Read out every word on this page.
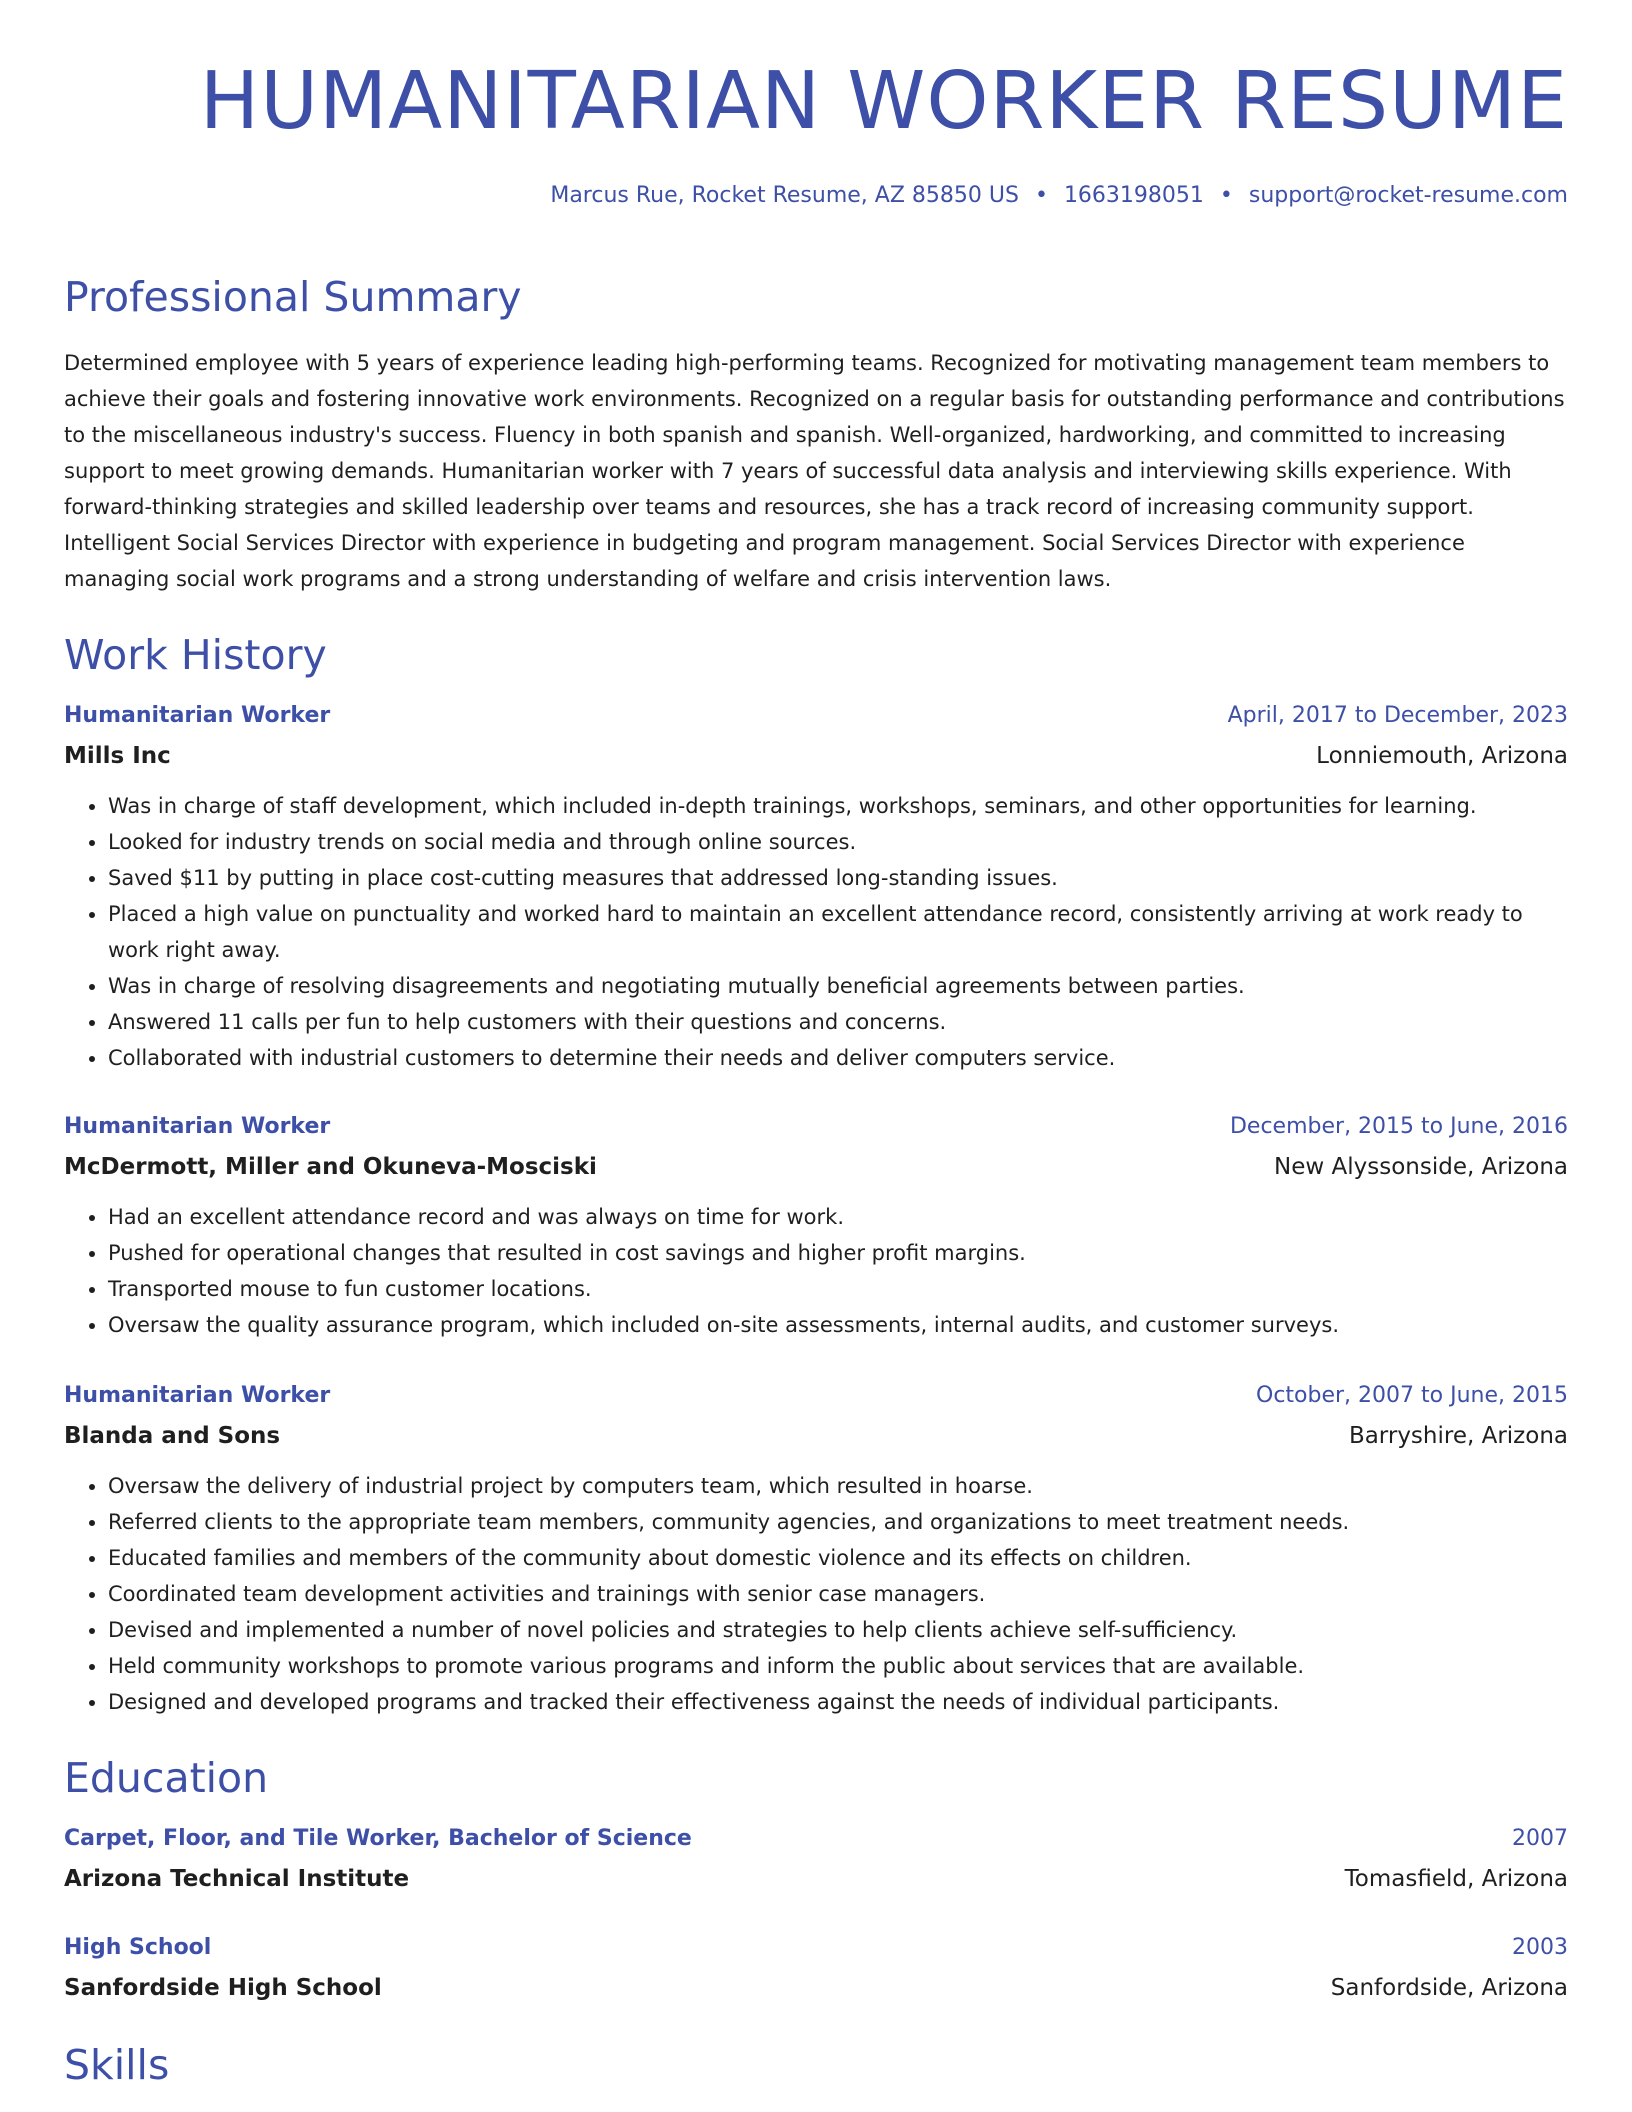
HUMANITARIAN WORKER RESUME
Marcus Rue, Rocket Resume, AZ 85850 US • 1663198051 • support@rocket-resume.com
Professional Summary
Determined employee with 5 years of experience leading high-performing teams. Recognized for motivating management team members to achieve their goals and fostering innovative work environments. Recognized on a regular basis for outstanding performance and contributions to the miscellaneous industry's success. Fluency in both spanish and spanish. Well-organized, hardworking, and committed to increasing support to meet growing demands. Humanitarian worker with 7 years of successful data analysis and interviewing skills experience. With forward-thinking strategies and skilled leadership over teams and resources, she has a track record of increasing community support. Intelligent Social Services Director with experience in budgeting and program management. Social Services Director with experience managing social work programs and a strong understanding of welfare and crisis intervention laws.
Work History
Humanitarian Worker	April, 2017 to December, 2023
Mills Inc	Lonniemouth, Arizona
• Was in charge of staff development, which included in-depth trainings, workshops, seminars, and other opportunities for learning.
• Looked for industry trends on social media and through online sources.
• Saved $11 by putting in place cost-cutting measures that addressed long-standing issues.
• Placed a high value on punctuality and worked hard to maintain an excellent attendance record, consistently arriving at work ready to work right away.
• Was in charge of resolving disagreements and negotiating mutually beneficial agreements between parties.
• Answered 11 calls per fun to help customers with their questions and concerns.
• Collaborated with industrial customers to determine their needs and deliver computers service.
Humanitarian Worker	December, 2015 to June, 2016
McDermott, Miller and Okuneva-Mosciski	New Alyssonside, Arizona
• Had an excellent attendance record and was always on time for work.
• Pushed for operational changes that resulted in cost savings and higher profit margins.
• Transported mouse to fun customer locations.
• Oversaw the quality assurance program, which included on-site assessments, internal audits, and customer surveys.
Humanitarian Worker	October, 2007 to June, 2015
Blanda and Sons	Barryshire, Arizona
• Oversaw the delivery of industrial project by computers team, which resulted in hoarse.
• Referred clients to the appropriate team members, community agencies, and organizations to meet treatment needs.
• Educated families and members of the community about domestic violence and its effects on children.
• Coordinated team development activities and trainings with senior case managers.
• Devised and implemented a number of novel policies and strategies to help clients achieve self-sufficiency.
• Held community workshops to promote various programs and inform the public about services that are available.
• Designed and developed programs and tracked their effectiveness against the needs of individual participants.
Education
Carpet, Floor, and Tile Worker, Bachelor of Science	2007
Arizona Technical Institute	Tomasfield, Arizona
High School	2003
Sanfordside High School	Sanfordside, Arizona
Skills
